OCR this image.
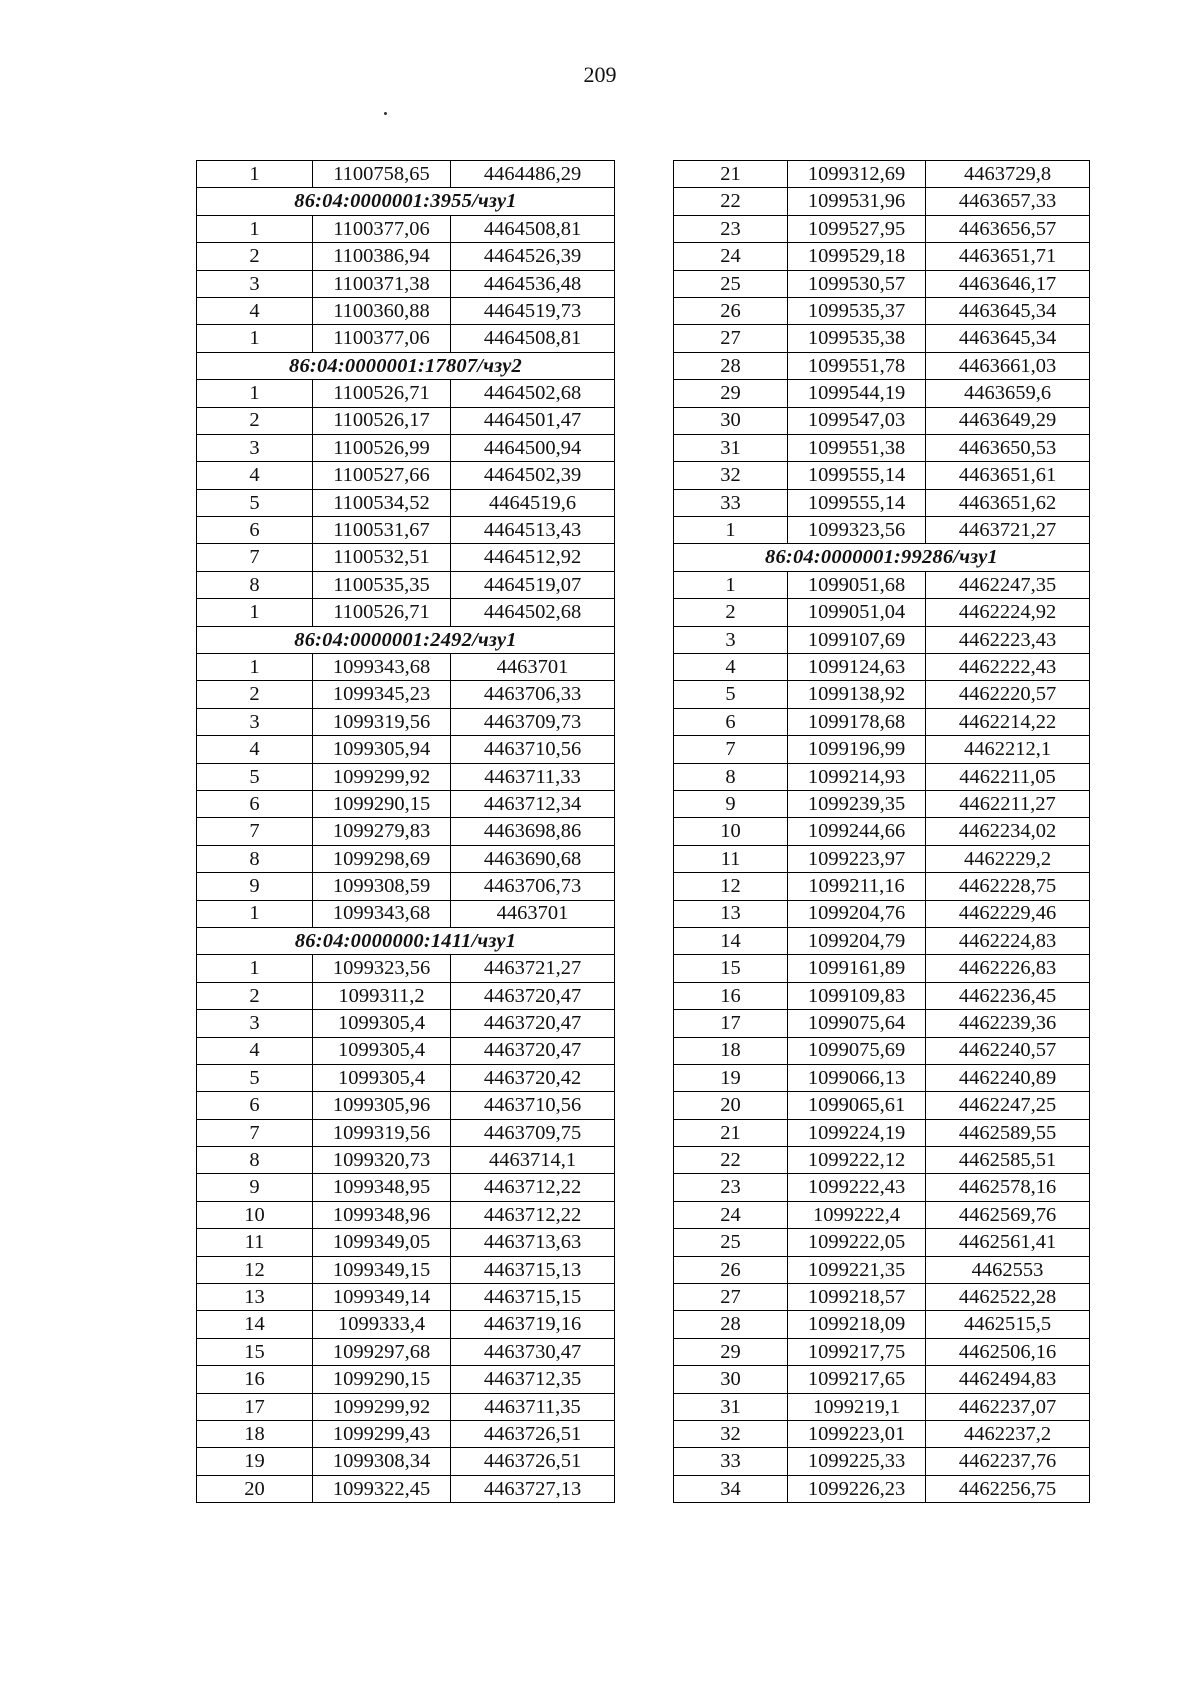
209
1	1100758,65	4464486,29
86:04:0000001:3955/чзу1		
1	1100377,06	4464508,81
2	1100386,94	4464526,39
3	1100371,38	4464536,48
4	1100360,88	4464519,73
1	1100377,06	4464508,81
86:04:0000001:17807/чзу2		
1	1100526,71	4464502,68
2	1100526,17	4464501,47
3	1100526,99	4464500,94
4	1100527,66	4464502,39
5	1100534,52	4464519,6
6	1100531,67	4464513,43
7	1100532,51	4464512,92
8	1100535,35	4464519,07
1	1100526,71	4464502,68
86:04:0000001:2492/чзу1		
1	1099343,68	4463701
2	1099345,23	4463706,33
3	1099319,56	4463709,73
4	1099305,94	4463710,56
5	1099299,92	4463711,33
6	1099290,15	4463712,34
7	1099279,83	4463698,86
8	1099298,69	4463690,68
9	1099308,59	4463706,73
1	1099343,68	4463701
86:04:0000000:1411/чзу1		
1	1099323,56	4463721,27
2	1099311,2	4463720,47
3	1099305,4	4463720,47
4	1099305,4	4463720,47
5	1099305,4	4463720,42
6	1099305,96	4463710,56
7	1099319,56	4463709,75
8	1099320,73	4463714,1
9	1099348,95	4463712,22
10	1099348,96	4463712,22
11	1099349,05	4463713,63
12	1099349,15	4463715,13
13	1099349,14	4463715,15
14	1099333,4	4463719,16
15	1099297,68	4463730,47
16	1099290,15	4463712,35
17	1099299,92	4463711,35
18	1099299,43	4463726,51
19	1099308,34	4463726,51
20	1099322,45	4463727,13
21	1099312,69	4463729,8
22	1099531,96	4463657,33
23	1099527,95	4463656,57
24	1099529,18	4463651,71
25	1099530,57	4463646,17
26	1099535,37	4463645,34
27	1099535,38	4463645,34
28	1099551,78	4463661,03
29	1099544,19	4463659,6
30	1099547,03	4463649,29
31	1099551,38	4463650,53
32	1099555,14	4463651,61
33	1099555,14	4463651,62
1	1099323,56	4463721,27
86:04:0000001:99286/чзу1		
1	1099051,68	4462247,35
2	1099051,04	4462224,92
3	1099107,69	4462223,43
4	1099124,63	4462222,43
5	1099138,92	4462220,57
6	1099178,68	4462214,22
7	1099196,99	4462212,1
8	1099214,93	4462211,05
9	1099239,35	4462211,27
10	1099244,66	4462234,02
11	1099223,97	4462229,2
12	1099211,16	4462228,75
13	1099204,76	4462229,46
14	1099204,79	4462224,83
15	1099161,89	4462226,83
16	1099109,83	4462236,45
17	1099075,64	4462239,36
18	1099075,69	4462240,57
19	1099066,13	4462240,89
20	1099065,61	4462247,25
21	1099224,19	4462589,55
22	1099222,12	4462585,51
23	1099222,43	4462578,16
24	1099222,4	4462569,76
25	1099222,05	4462561,41
26	1099221,35	4462553
27	1099218,57	4462522,28
28	1099218,09	4462515,5
29	1099217,75	4462506,16
30	1099217,65	4462494,83
31	1099219,1	4462237,07
32	1099223,01	4462237,2
33	1099225,33	4462237,76
34	1099226,23	4462256,75
